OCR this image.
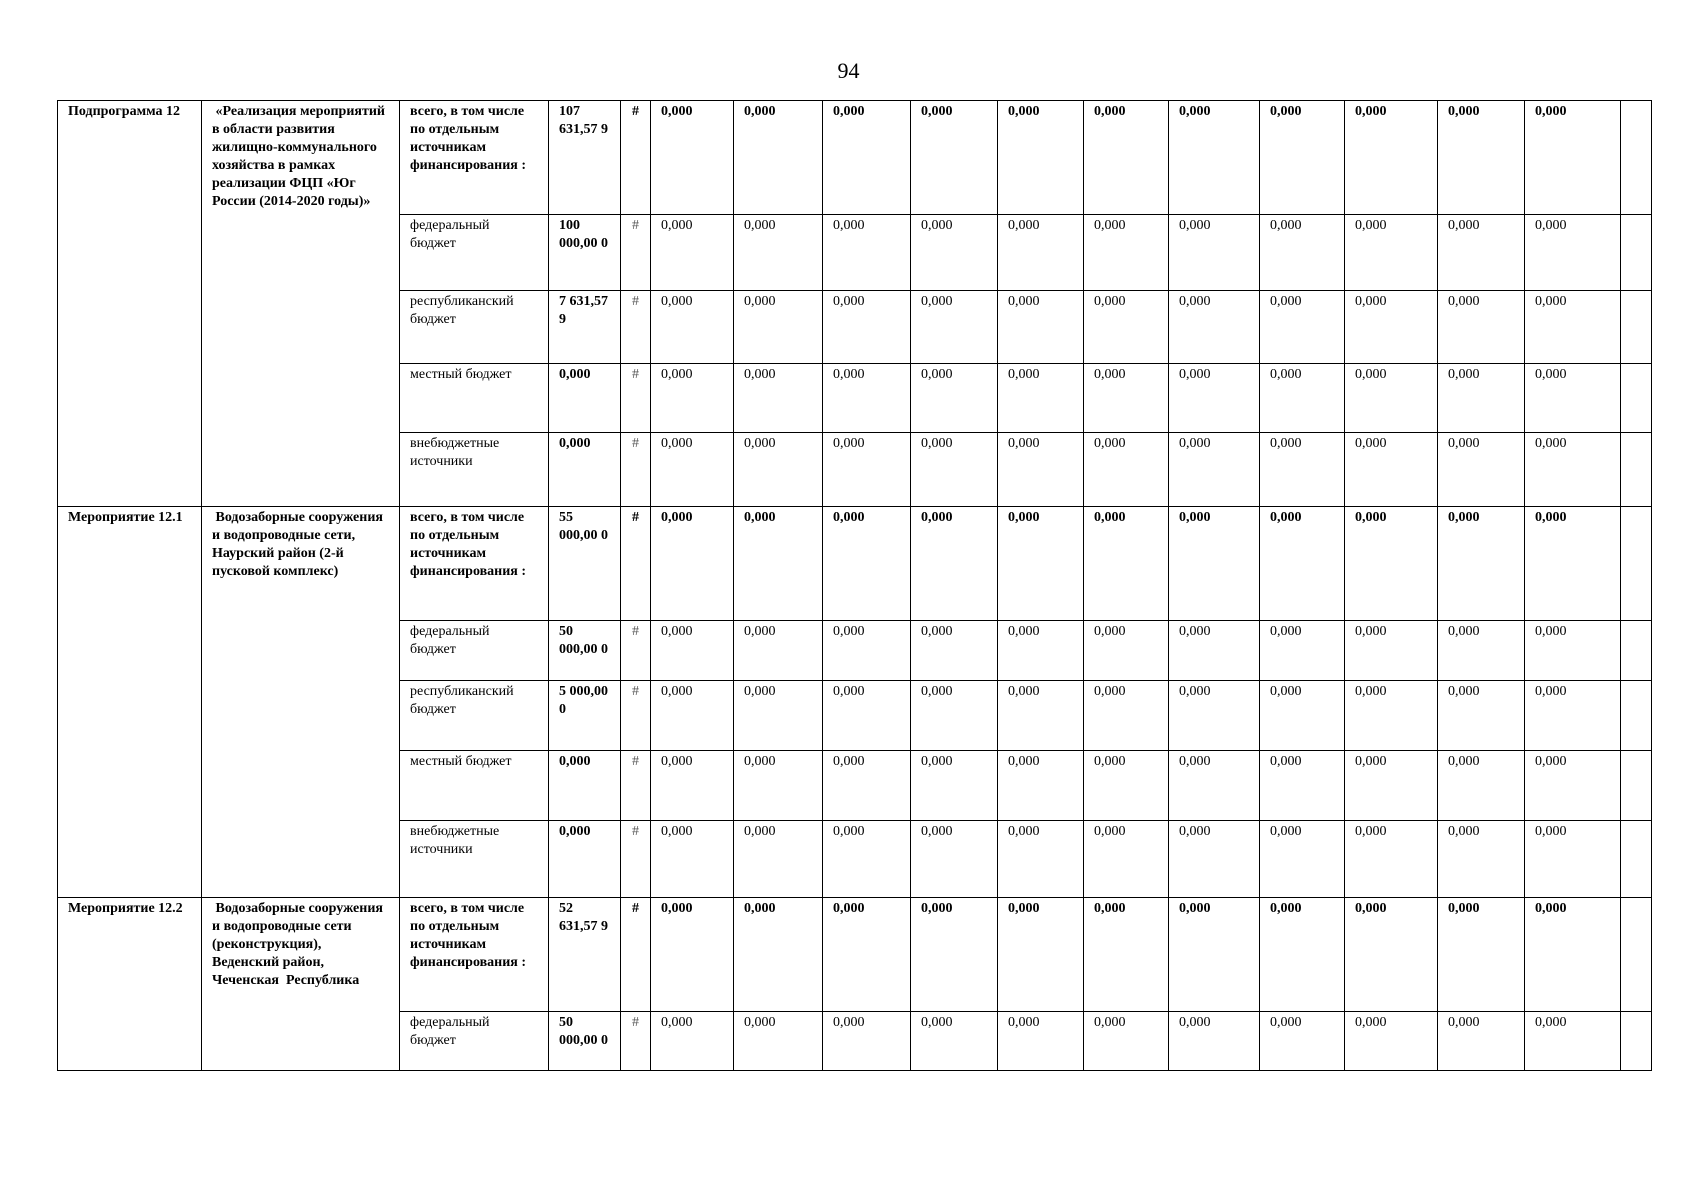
94
Подпрограмма 12	«Реализация мероприятий в области развития жилищно-коммунального хозяйства в рамках реализации ФЦП «Юг России (2014-2020 годы)»	всего, в том числе по отдельным источникам финансирования :	107 631,57 9	#	0,000	0,000	0,000	0,000	0,000	0,000	0,000	0,000	0,000	0,000	0,000	
		федеральный бюджет	100 000,00 0	#	0,000	0,000	0,000	0,000	0,000	0,000	0,000	0,000	0,000	0,000	0,000	
		республиканский бюджет	7 631,57 9	#	0,000	0,000	0,000	0,000	0,000	0,000	0,000	0,000	0,000	0,000	0,000	
		местный бюджет	0,000	#	0,000	0,000	0,000	0,000	0,000	0,000	0,000	0,000	0,000	0,000	0,000	
		внебюджетные источники	0,000	#	0,000	0,000	0,000	0,000	0,000	0,000	0,000	0,000	0,000	0,000	0,000	
Мероприятие 12.1	Водозаборные сооружения и водопроводные сети, Наурский район (2-й пусковой комплекс)	всего, в том числе по отдельным источникам финансирования :	55 000,00 0	#	0,000	0,000	0,000	0,000	0,000	0,000	0,000	0,000	0,000	0,000	0,000	
		федеральный бюджет	50 000,00 0	#	0,000	0,000	0,000	0,000	0,000	0,000	0,000	0,000	0,000	0,000	0,000	
		республиканский бюджет	5 000,00 0	#	0,000	0,000	0,000	0,000	0,000	0,000	0,000	0,000	0,000	0,000	0,000	
		местный бюджет	0,000	#	0,000	0,000	0,000	0,000	0,000	0,000	0,000	0,000	0,000	0,000	0,000	
		внебюджетные источники	0,000	#	0,000	0,000	0,000	0,000	0,000	0,000	0,000	0,000	0,000	0,000	0,000	
Мероприятие 12.2	Водозаборные сооружения и водопроводные сети (реконструкция), Веденский район, Чеченская  Республика	всего, в том числе по отдельным источникам финансирования :	52 631,57 9	#	0,000	0,000	0,000	0,000	0,000	0,000	0,000	0,000	0,000	0,000	0,000	
		федеральный бюджет	50 000,00 0	#	0,000	0,000	0,000	0,000	0,000	0,000	0,000	0,000	0,000	0,000	0,000	
